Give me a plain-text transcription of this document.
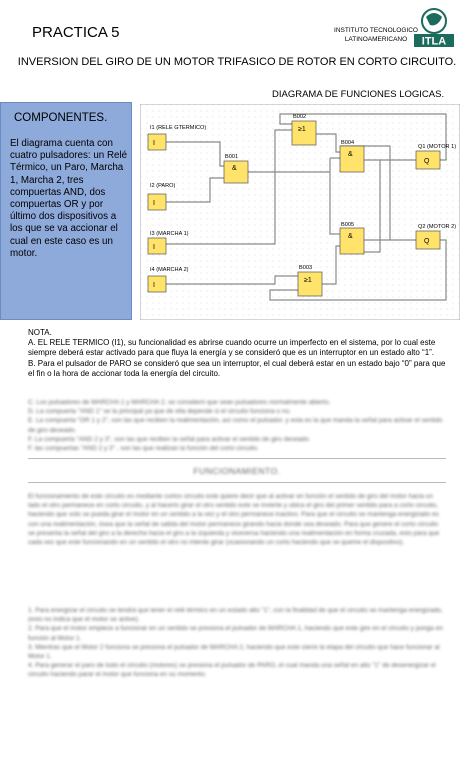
PRACTICA 5	INSTITUTO TECNOLOGICO
LATINOAMERICANO	ITLA
INVERSION DEL GIRO DE UN MOTOR TRIFASICO DE ROTOR EN CORTO CIRCUITO.
DIAGRAMA DE FUNCIONES LOGICAS.
COMPONENTES.
El diagrama cuenta con cuatro pulsadores: un Relé Térmico, un Paro, Marcha 1, Marcha 2, tres compuertas AND, dos compuertas OR y por último dos dispositivos a los que se va accionar el cual en este caso es un motor.
I1 (RELE GTERMICO)
I
I2 (PARO)
I
I3 (MARCHA 1)
I
I4 (MARCHA 2)
I
B001
&
B002
≥1
B004
&
B005
&
B003
≥1
Q1 (MOTOR 1)
Q
Q2 (MOTOR 2)
Q
NOTA.
A. EL RELE TERMICO (I1), su funcionalidad es abrirse cuando ocurre un imperfecto en el sistema, por lo cual este siempre deberá estar activado para que fluya la energía y se consideró que es un interruptor en un estado alto “1”.
B. Para el pulsador de PARO se consideró que sea un interruptor, el cual deberá estar en un estado bajo “0” para que el fin o la hora de accionar toda la energía del circuito.
C. Los pulsadores de MARCHA 1 y MARCHA 2, se consideró que sean pulsadores normalmente abierto.
D. La compuerta "AND 1" se la principal ya que de ella depende si el circuito funciona o no.
E. La compuerta "OR 1 y 2", son las que reciben la realimentación, así como el pulsador, y esta es la que manda la señal para activar el sentido de giro deseado.
F. La compuerta "AND 2 y 3", son las que reciben la señal para activar el sentido de giro deseado.
F. las compuertas "AND 2 y 3" , son las que realizan la función del corto circuito.
FUNCIONAMIENTO.
El funcionamiento de este circuito es mediante cortos circuito este quiere decir que al activar en función el sentido de giro del motor hacia un lado el otro permanece en corto circuito, y al hacerlo girar el otro sentido este se invierte y ubica el giro del primer sentido para a corto circuito, haciendo que solo se pueda girar el motor en un sentido a la vez y el otro permanece inactivo. Para que el circuito se mantenga energizado es con una realimentación, ósea que la señal de salida del motor permanece girando hacia donde sea deseado. Para que genere el corto circuito se presenta la señal del giro a la derecha hacia el giro a la izquierda y viceversa haciendo una realimentación en forma cruzada, esto para que cada vez que este funcionando en un sentido el otro no intente girar (ocasionando un corto haciendo que se queme el dispositivo).
1. Para energizar el circuito se tendrá que tener el relé térmico en un estado alto "1", con la finalidad de que el circuito se mantenga energizado, (esto no indica que el motor se active).
2. Para que el motor empiece a funcionar en un sentido se presiona el pulsador de MARCHA 1, haciendo que este gire en el circuito y ponga en función al Motor 1.
3. Mientras que el Motor 2 funciona se presiona el pulsador de MARCHA 2, haciendo que este cierre la etapa del circuito que hace funcionar al Motor 1.
4. Para generar el paro de todo el circuito (motores) se presiona el pulsador de PARO, el cual manda una señal en alto "1" de desenergizar el circuito haciendo parar el motor que funciona en su momento.
